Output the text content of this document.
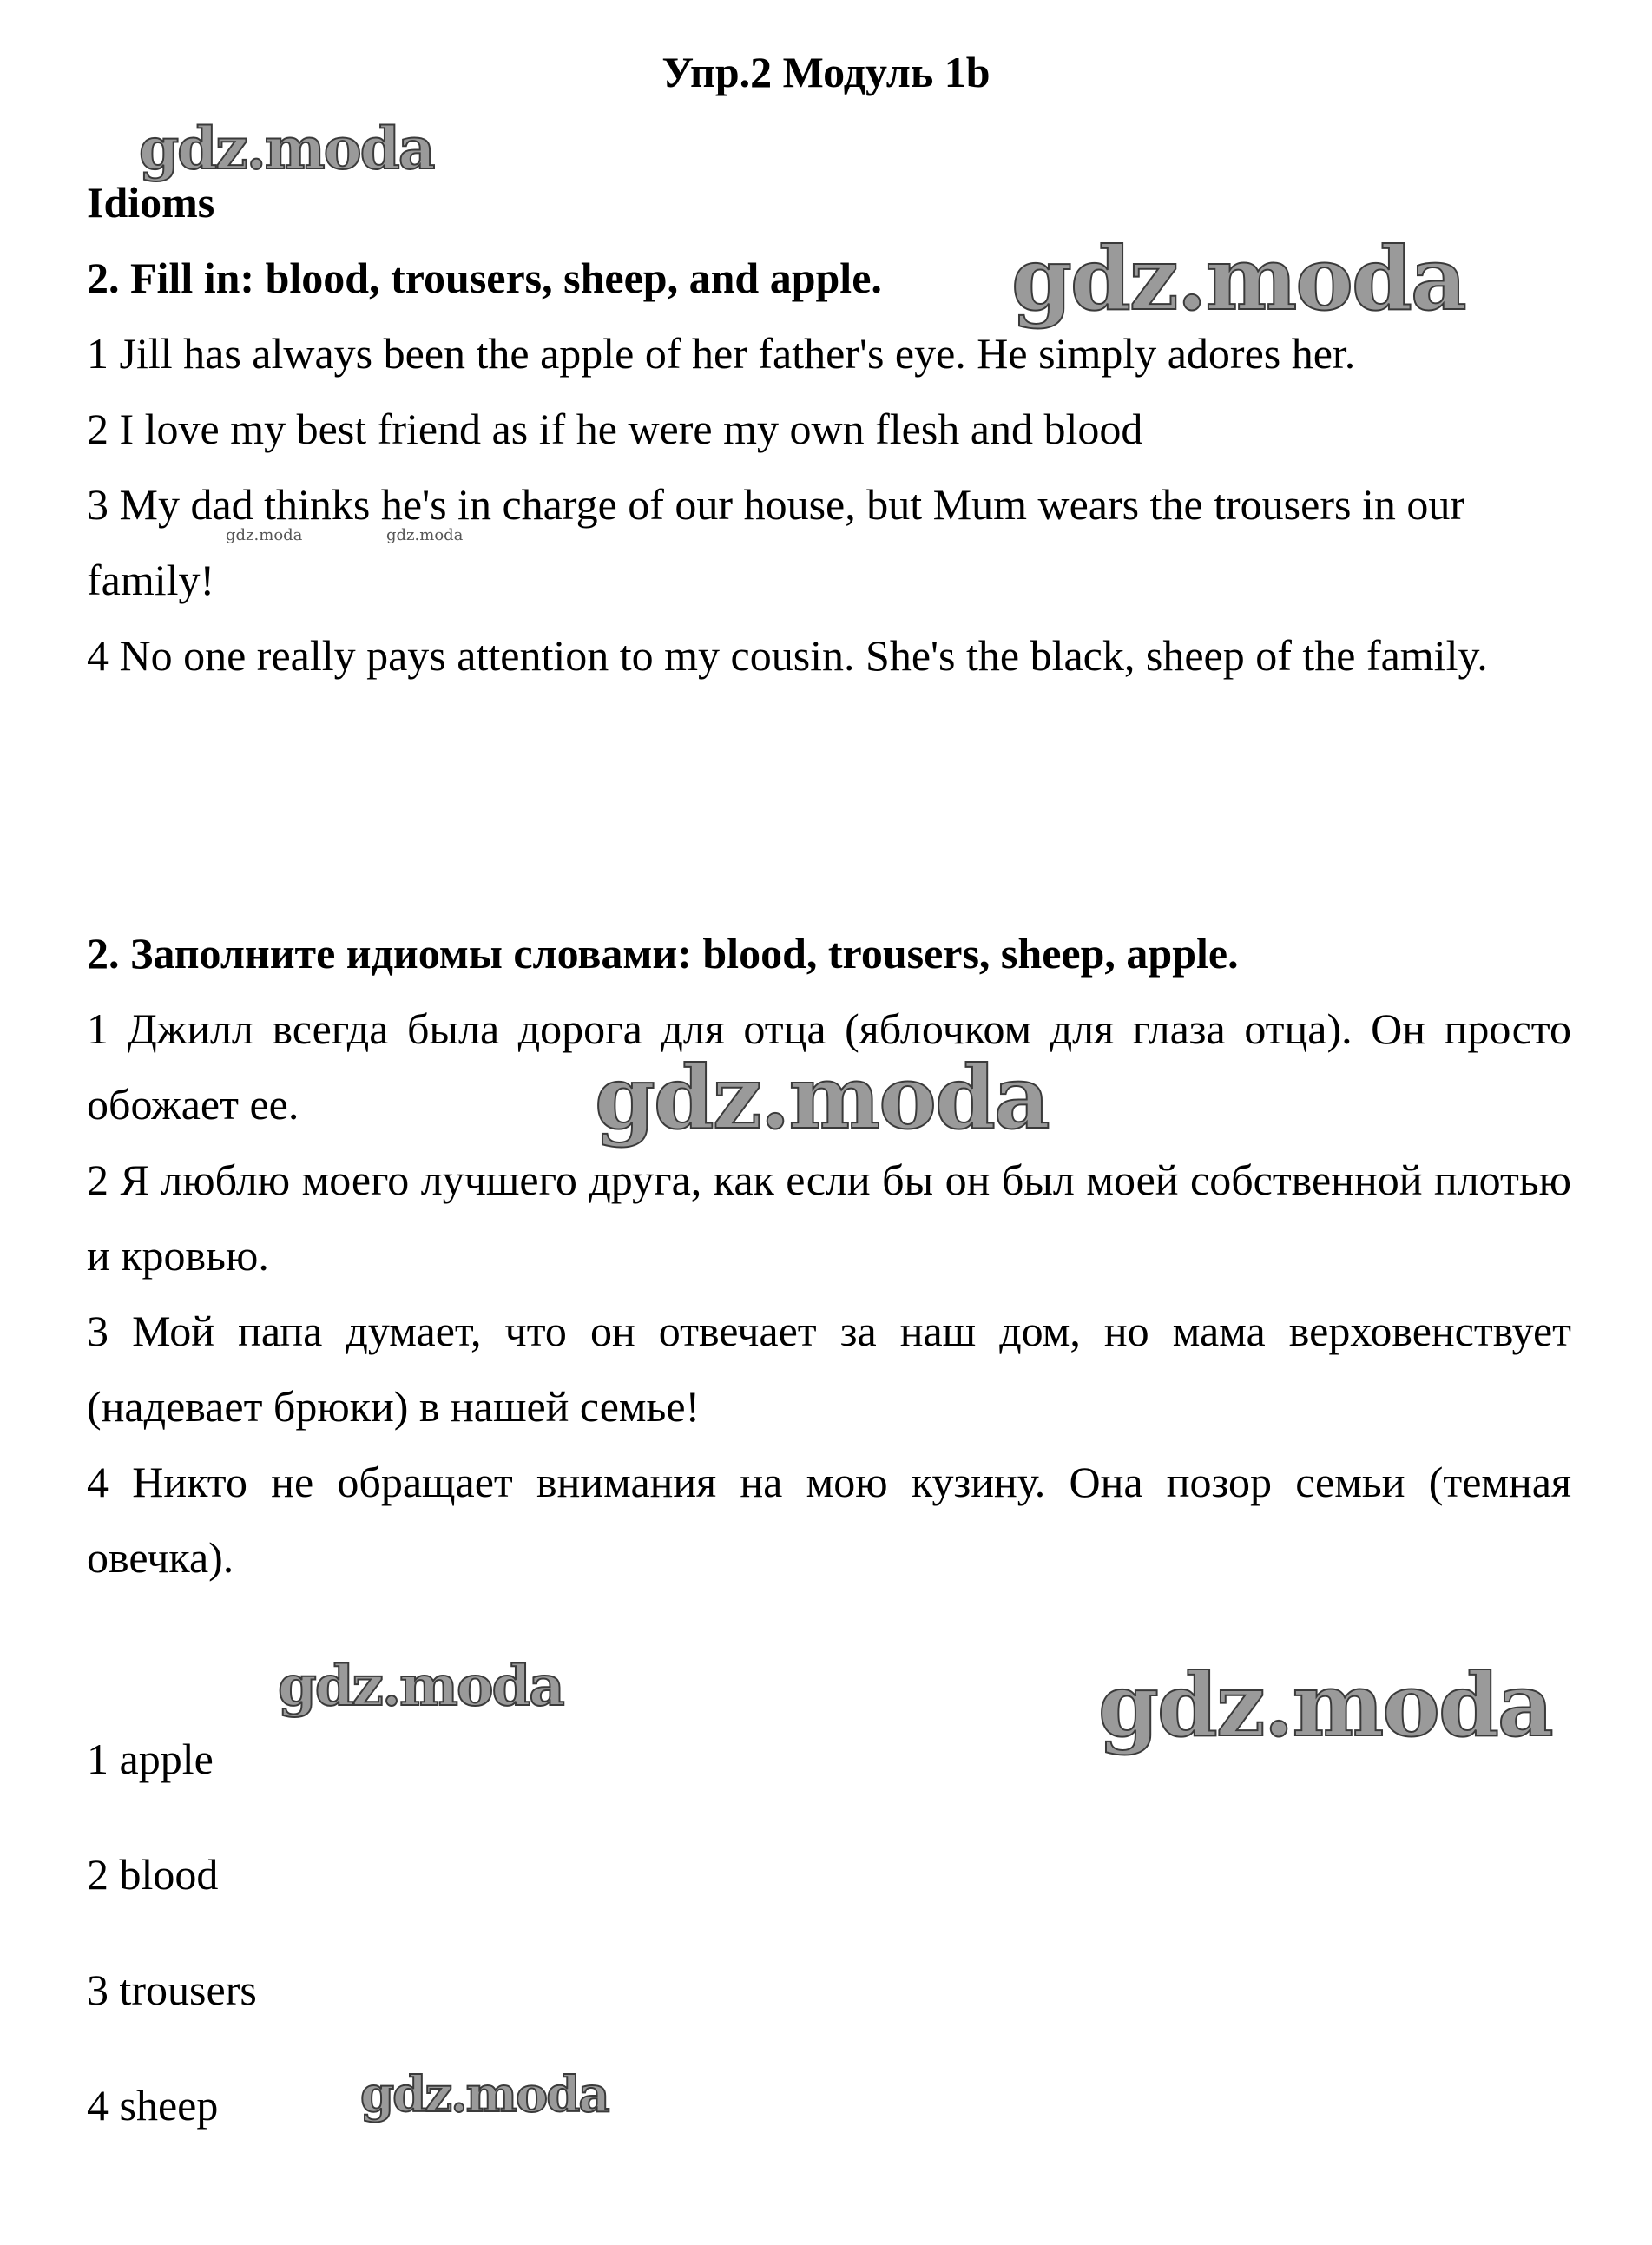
Упр.2 Модуль 1b

Idioms

2. Fill in: blood, trousers, sheep, and apple.

1 Jill has always been the apple of her father's eye. He simply adores her.

2 I love my best friend as if he were my own flesh and blood

3 My dad thinks he's in charge of our house, but Mum wears the trousers in our family!

4 No one really pays attention to my cousin. She's the black, sheep of the family.

2. Заполните идиомы словами: blood, trousers, sheep, apple.

1 Джилл всегда была дорога для отца (яблочком для глаза отца). Он просто обожает ее.

2 Я люблю моего лучшего друга, как если бы он был моей собственной плотью и кровью.

3 Мой папа думает, что он отвечает за наш дом, но мама верховенствует (надевает брюки) в нашей семье!

4 Никто не обращает внимания на мою кузину. Она позор семьи (темная овечка).

1 apple

2 blood

3 trousers

4 sheep

gdz.moda
gdz.moda
gdz.moda	gdz.moda
gdz.moda
gdz.moda	gdz.moda
gdz.moda
